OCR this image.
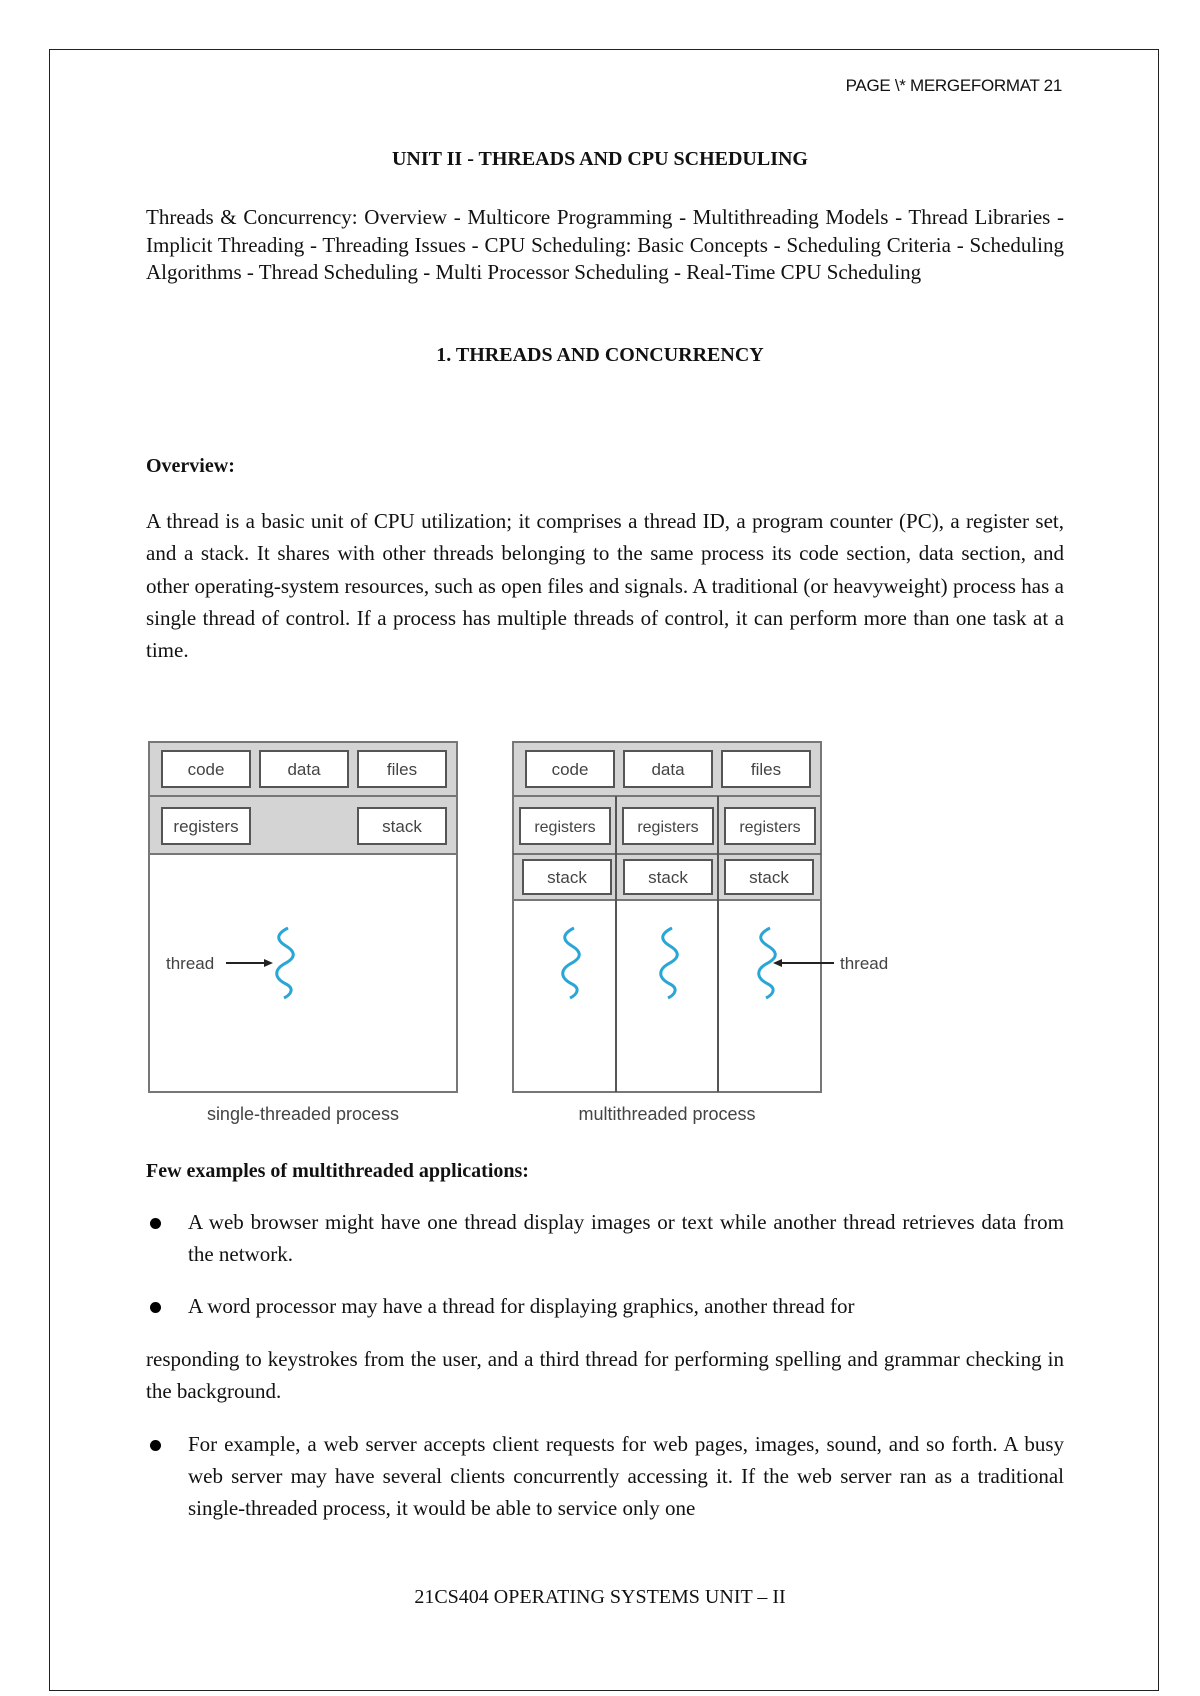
PAGE \* MERGEFORMAT 21
UNIT II - THREADS AND CPU SCHEDULING
Threads & Concurrency: Overview - Multicore Programming - Multithreading Models - Thread Libraries - Implicit Threading - Threading Issues - CPU Scheduling: Basic Concepts - Scheduling Criteria - Scheduling Algorithms - Thread Scheduling - Multi Processor Scheduling - Real-Time CPU Scheduling
1. THREADS AND CONCURRENCY
Overview:
A thread is a basic unit of CPU utilization; it comprises a thread ID, a program counter (PC), a register set, and a stack. It shares with other threads belonging to the same process its code section, data section, and other operating-system resources, such as open files and signals. A traditional (or heavyweight) process has a single thread of control. If a process has multiple threads of control, it can perform more than one task at a time.
code	data	files
registers	stack
thread
single-threaded process
code	data	files
registers	registers	registers
stack	stack	stack
thread
multithreaded process
Few examples of multithreaded applications:
A web browser might have one thread display images or text while another thread retrieves data from the network.
A word processor may have a thread for displaying graphics, another thread for
responding to keystrokes from the user, and a third thread for performing spelling and grammar checking in the background.
For example, a web server accepts client requests for web pages, images, sound, and so forth. A busy web server may have several clients concurrently accessing it. If the web server ran as a traditional single-threaded process, it would be able to service only one
21CS404 OPERATING SYSTEMS UNIT – II
